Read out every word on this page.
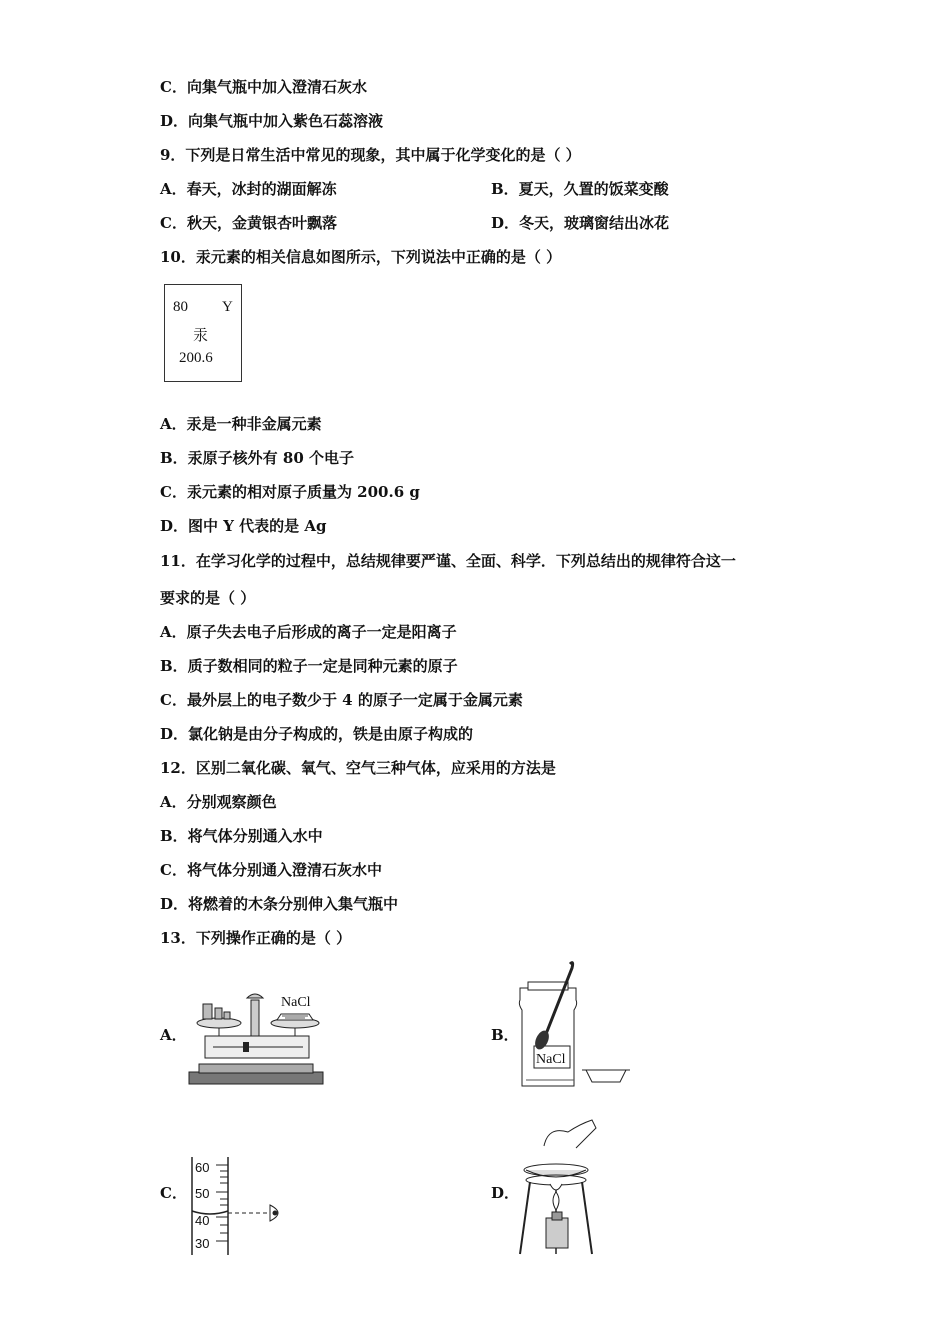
C．向集气瓶中加入澄清石灰水
D．向集气瓶中加入紫色石蕊溶液
9．下列是日常生活中常见的现象，其中属于化学变化的是（ ）
A．春天，冰封的湖面解冻	B．夏天，久置的饭菜变酸
C．秋天，金黄银杏叶飘落	D．冬天，玻璃窗结出冰花
10．汞元素的相关信息如图所示，下列说法中正确的是（ ）
80 Y
汞
200.6
A．汞是一种非金属元素
B．汞原子核外有 80 个电子
C．汞元素的相对原子质量为 200.6 g
D．图中 Y 代表的是 Ag
11．在学习化学的过程中，总结规律要严谨、全面、科学．下列总结出的规律符合这一
要求的是（ ）
A．原子失去电子后形成的离子一定是阳离子
B．质子数相同的粒子一定是同种元素的原子
C．最外层上的电子数少于 4 的原子一定属于金属元素
D．氯化钠是由分子构成的，铁是由原子构成的
12．区别二氧化碳、氧气、空气三种气体，应采用的方法是
A．分别观察颜色
B．将气体分别通入水中
C．将气体分别通入澄清石灰水中
D．将燃着的木条分别伸入集气瓶中
13．下列操作正确的是（ ）
A．	B．
C．	D．
NaCl
NaCl
60
50
40
30
